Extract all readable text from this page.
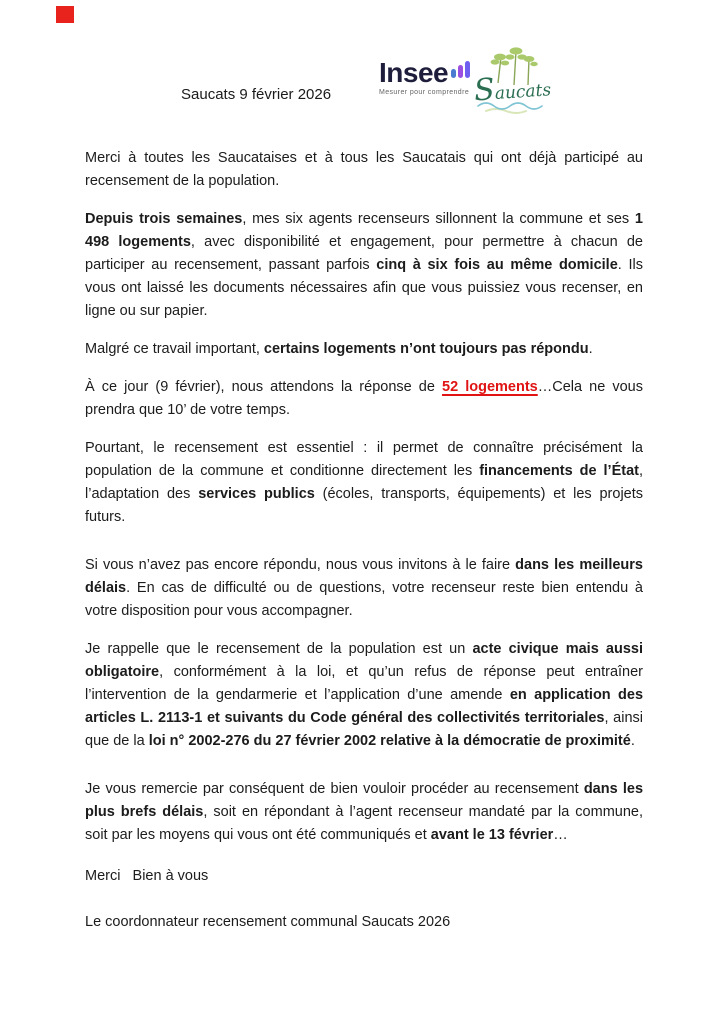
Saucats 9 février 2026
Insee
Mesurer pour comprendre Saucats

Merci à toutes les Saucataises et à tous les Saucatais qui ont déjà participé au recensement de la population.

Depuis trois semaines, mes six agents recenseurs sillonnent la commune et ses 1 498 logements, avec disponibilité et engagement, pour permettre à chacun de participer au recensement, passant parfois cinq à six fois au même domicile. Ils vous ont laissé les documents nécessaires afin que vous puissiez vous recenser, en ligne ou sur papier.

Malgré ce travail important, certains logements n’ont toujours pas répondu.

À ce jour (9 février), nous attendons la réponse de 52 logements…Cela ne vous prendra que 10’ de votre temps.

Pourtant, le recensement est essentiel : il permet de connaître précisément la population de la commune et conditionne directement les financements de l’État, l’adaptation des services publics (écoles, transports, équipements) et les projets futurs.

Si vous n’avez pas encore répondu, nous vous invitons à le faire dans les meilleurs délais. En cas de difficulté ou de questions, votre recenseur reste bien entendu à votre disposition pour vous accompagner.

Je rappelle que le recensement de la population est un acte civique mais aussi obligatoire, conformément à la loi, et qu’un refus de réponse peut entraîner l’intervention de la gendarmerie et l’application d’une amende en application des articles L. 2113-1 et suivants du Code général des collectivités territoriales, ainsi que de la loi n° 2002-276 du 27 février 2002 relative à la démocratie de proximité.

Je vous remercie par conséquent de bien vouloir procéder au recensement dans les plus brefs délais, soit en répondant à l’agent recenseur mandaté par la commune, soit par les moyens qui vous ont été communiqués et avant le 13 février…

Merci   Bien à vous

Le coordonnateur recensement communal Saucats 2026
